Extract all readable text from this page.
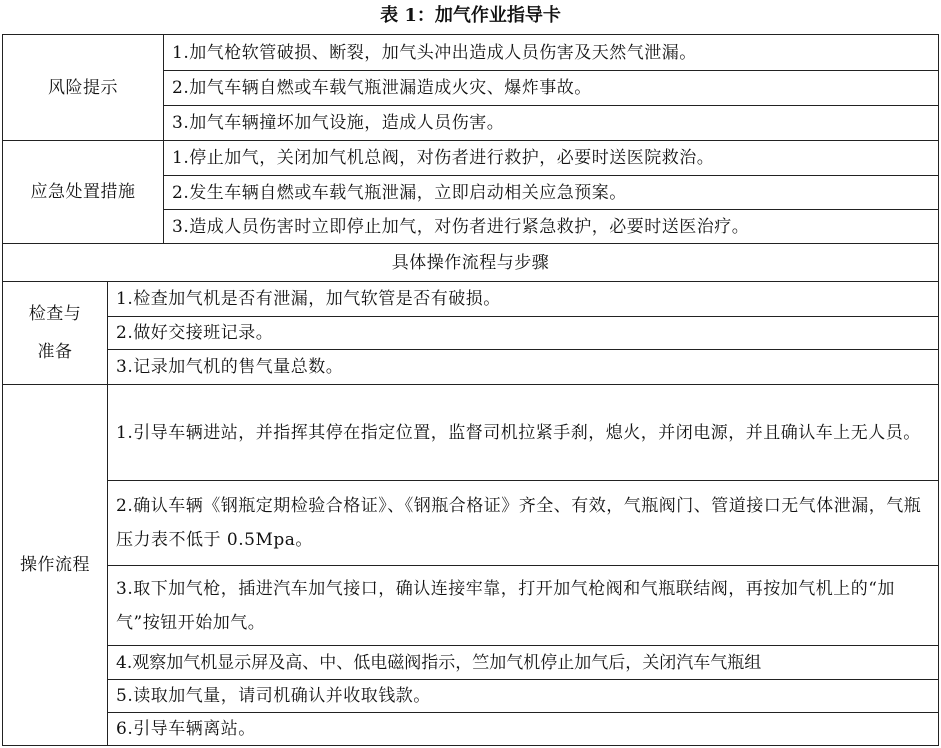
表 1：加气作业指导卡
风险提示
1.加气枪软管破损、断裂，加气头冲出造成人员伤害及天然气泄漏。
2.加气车辆自燃或车载气瓶泄漏造成火灾、爆炸事故。
3.加气车辆撞坏加气设施，造成人员伤害。
应急处置措施
1.停止加气，关闭加气机总阀，对伤者进行救护，必要时送医院救治。
2.发生车辆自燃或车载气瓶泄漏，立即启动相关应急预案。
3.造成人员伤害时立即停止加气，对伤者进行紧急救护，必要时送医治疗。
具体操作流程与步骤
检查与
准备
1.检查加气机是否有泄漏，加气软管是否有破损。
2.做好交接班记录。
3.记录加气机的售气量总数。
操作流程
1.引导车辆进站，并指挥其停在指定位置，监督司机拉紧手刹，熄火，并闭电源，并且确认车上无人员。
2.确认车辆《钢瓶定期检验合格证》、《钢瓶合格证》齐全、有效，气瓶阀门、管道接口无气体泄漏，气瓶压力表不低于 0.5Mpa。
3.取下加气枪，插进汽车加气接口，确认连接牢靠，打开加气枪阀和气瓶联结阀，再按加气机上的“加气”按钮开始加气。
4.观察加气机显示屏及高、中、低电磁阀指示，竺加气机停止加气后，关闭汽车气瓶组
5.读取加气量，请司机确认并收取钱款。
6.引导车辆离站。
